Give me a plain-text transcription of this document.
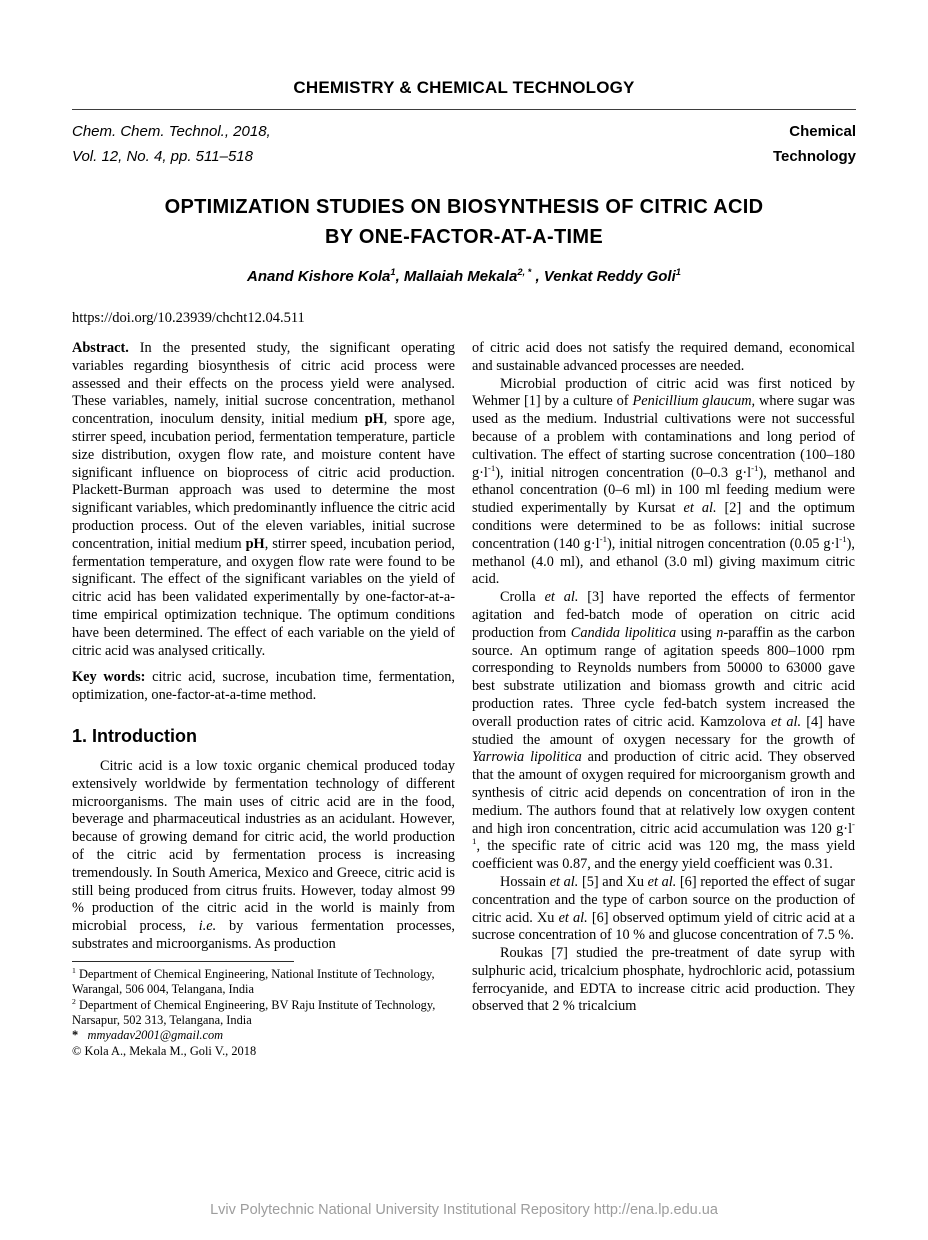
CHEMISTRY & CHEMICAL TECHNOLOGY
Chem. Chem. Technol., 2018,
Vol. 12, No. 4, pp. 511–518
Chemical
Technology
OPTIMIZATION STUDIES ON BIOSYNTHESIS OF CITRIC ACID
BY ONE-FACTOR-AT-A-TIME
Anand Kishore Kola$^1$, Mallaiah Mekala$^{2, *}$ , Venkat Reddy Goli$^1$
https://doi.org/10.23939/chcht12.04.511

Abstract. In the presented study, the significant operating variables regarding biosynthesis of citric acid process were assessed and their effects on the process yield were analysed. These variables, namely, initial sucrose concentration, methanol concentration, inoculum density, initial medium pH, spore age, stirrer speed, incubation period, fermentation temperature, particle size distribution, oxygen flow rate, and moisture content have significant influence on bioprocess of citric acid production. Plackett-Burman approach was used to determine the most significant variables, which predominantly influence the citric acid production process. Out of the eleven variables, initial sucrose concentration, initial medium pH, stirrer speed, incubation period, fermentation temperature, and oxygen flow rate were found to be significant. The effect of the significant variables on the yield of citric acid has been validated experimentally by one-factor-at-a-time empirical optimization technique. The optimum conditions have been determined. The effect of each variable on the yield of citric acid was analysed critically.

Key words: citric acid, sucrose, incubation time, fermentation, optimization, one-factor-at-a-time method.

1. Introduction

Citric acid is a low toxic organic chemical produced today extensively worldwide by fermentation technology of different microorganisms. The main uses of citric acid are in the food, beverage and pharmaceutical industries as an acidulant. However, because of growing demand for citric acid, the world production of the citric acid by fermentation process is increasing tremendously. In South America, Mexico and Greece, citric acid is still being produced from citrus fruits. However, today almost 99 % production of the citric acid in the world is mainly from microbial process, i.e. by various fermentation processes, substrates and microorganisms. As production

$^1$ Department of Chemical Engineering, National Institute of Technology, Warangal, 506 004, Telangana, India

$^2$ Department of Chemical Engineering, BV Raju Institute of Technology, Narsapur, 502 313, Telangana, India

* mmyadav2001@gmail.com

© Kola A., Mekala M., Goli V., 2018

of citric acid does not satisfy the required demand, economical and sustainable advanced processes are needed.

Microbial production of citric acid was first noticed by Wehmer [1] by a culture of Penicillium glaucum, where sugar was used as the medium. Industrial cultivations were not successful because of a problem with contaminations and long period of cultivation. The effect of starting sucrose concentration (100–180 $g\cdot l^{-1}$), initial nitrogen concentration (0–0.3 $g\cdot l^{-1}$), methanol and ethanol concentration (0–6 ml) in 100 ml feeding medium were studied experimentally by Kursat et al. [2] and the optimum conditions were determined to be as follows: initial sucrose concentration (140 $g\cdot l^{-1}$), initial nitrogen concentration (0.05 $g\cdot l^{-1}$), methanol (4.0 ml), and ethanol (3.0 ml) giving maximum citric acid.

Crolla et al. [3] have reported the effects of fermentor agitation and fed-batch mode of operation on citric acid production from Candida lipolitica using n-paraffin as the carbon source. An optimum range of agitation speeds 800–1000 rpm corresponding to Reynolds numbers from 50000 to 63000 gave best substrate utilization and biomass growth and citric acid production rates. Three cycle fed-batch system increased the overall production rates of citric acid. Kamzolova et al. [4] have studied the amount of oxygen necessary for the growth of Yarrowia lipolitica and production of citric acid. They observed that the amount of oxygen required for microorganism growth and synthesis of citric acid depends on concentration of iron in the medium. The authors found that at relatively low oxygen content and high iron concentration, citric acid accumulation was 120 $g\cdot l^{-1}$, the specific rate of citric acid was 120 mg, the mass yield coefficient was 0.87, and the energy yield coefficient was 0.31.

Hossain et al. [5] and Xu et al. [6] reported the effect of sugar concentration and the type of carbon source on the production of citric acid. Xu et al. [6] observed optimum yield of citric acid at a sucrose concentration of 10 % and glucose concentration of 7.5 %.

Roukas [7] studied the pre-treatment of date syrup with sulphuric acid, tricalcium phosphate, hydrochloric acid, potassium ferrocyanide, and EDTA to increase citric acid production. They observed that 2 % tricalcium

Lviv Polytechnic National University Institutional Repository http://ena.lp.edu.ua
